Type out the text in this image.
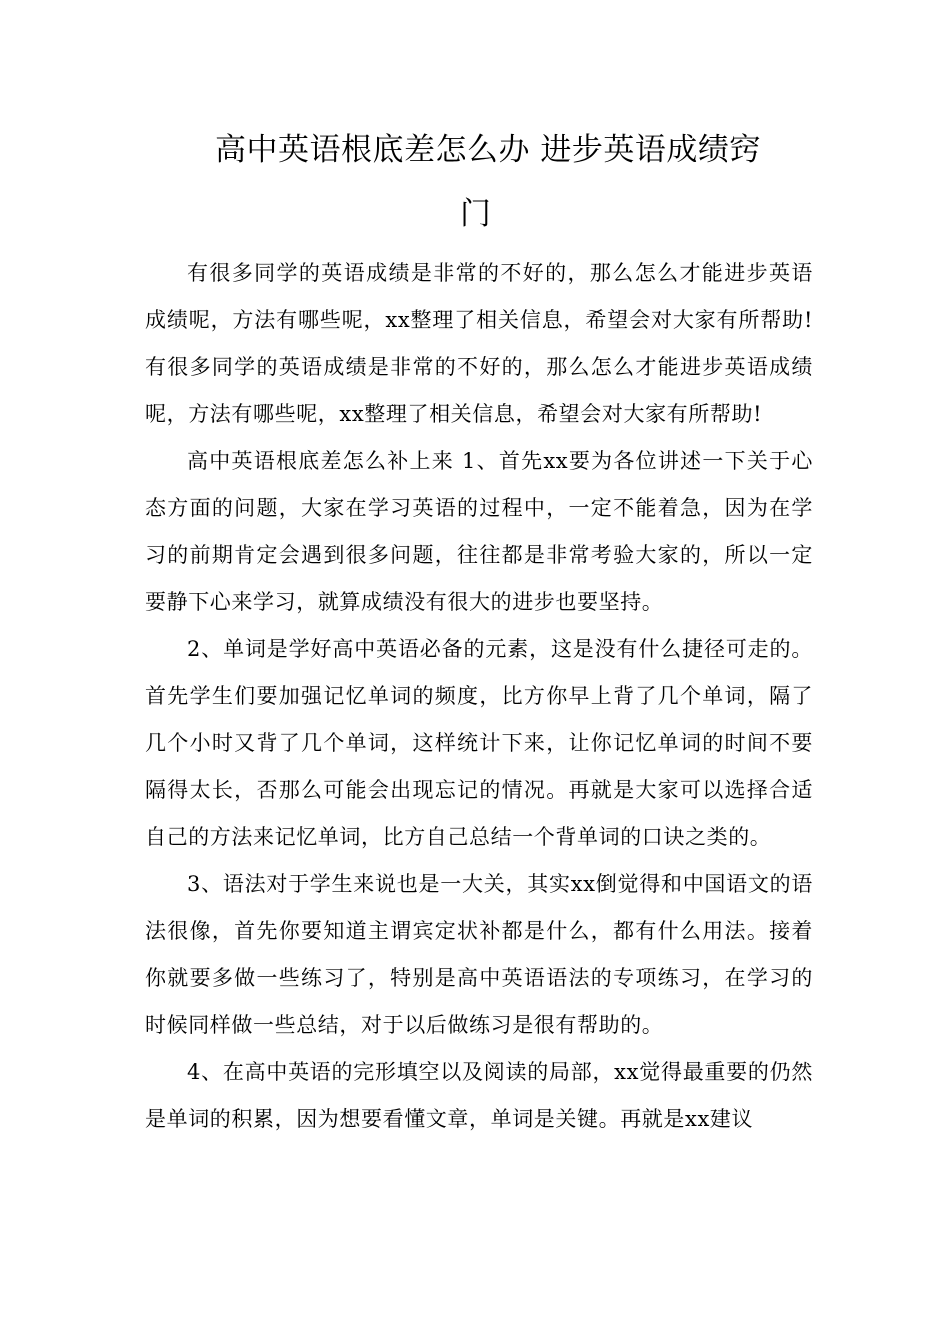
高中英语根底差怎么办 进步英语成绩窍
门

有很多同学的英语成绩是非常的不好的，那么怎么才能进步英语成绩呢，方法有哪些呢，xx整理了相关信息，希望会对大家有所帮助!有很多同学的英语成绩是非常的不好的，那么怎么才能进步英语成绩呢，方法有哪些呢，xx整理了相关信息，希望会对大家有所帮助!

高中英语根底差怎么补上来 1、首先xx要为各位讲述一下关于心态方面的问题，大家在学习英语的过程中，一定不能着急，因为在学习的前期肯定会遇到很多问题，往往都是非常考验大家的，所以一定要静下心来学习，就算成绩没有很大的进步也要坚持。

2、单词是学好高中英语必备的元素，这是没有什么捷径可走的。首先学生们要加强记忆单词的频度，比方你早上背了几个单词，隔了几个小时又背了几个单词，这样统计下来，让你记忆单词的时间不要隔得太长，否那么可能会出现忘记的情况。再就是大家可以选择合适自己的方法来记忆单词，比方自己总结一个背单词的口诀之类的。

3、语法对于学生来说也是一大关，其实xx倒觉得和中国语文的语法很像，首先你要知道主谓宾定状补都是什么，都有什么用法。接着你就要多做一些练习了，特别是高中英语语法的专项练习，在学习的时候同样做一些总结，对于以后做练习是很有帮助的。

4、在高中英语的完形填空以及阅读的局部，xx觉得最重要的仍然是单词的积累，因为想要看懂文章，单词是关键。再就是xx建议
